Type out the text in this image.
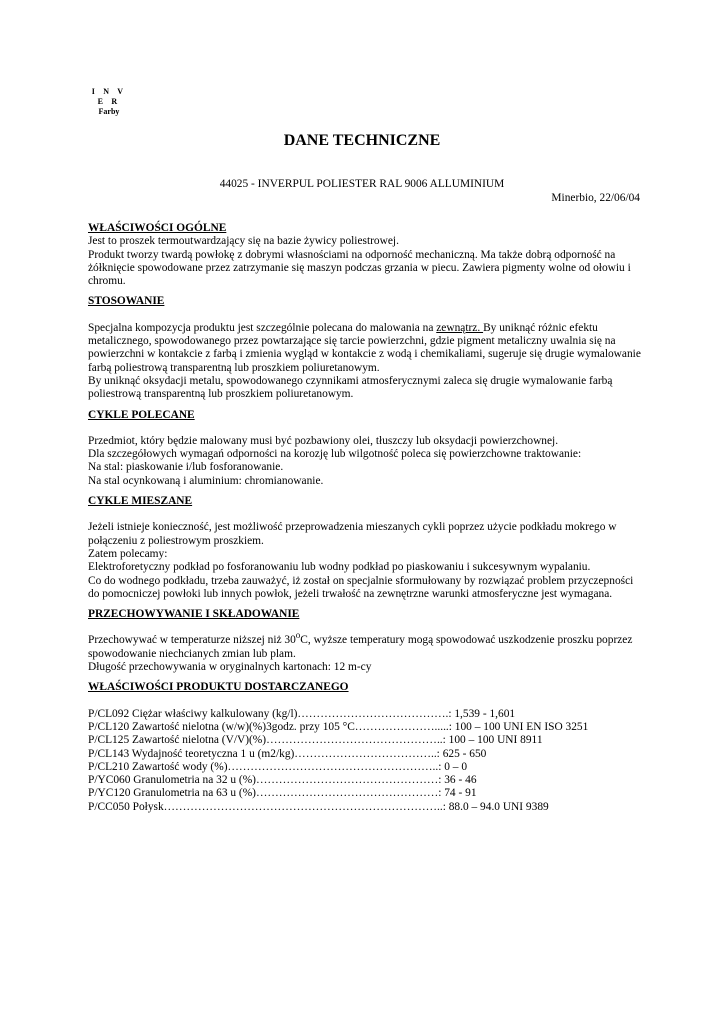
I N V E R
Farby
DANE TECHNICZNE
44025 - INVERPUL POLIESTER RAL 9006 ALLUMINIUM
Minerbio, 22/06/04

WŁAŚCIWOŚCI OGÓLNE

Jest to proszek termoutwardzający się na bazie żywicy poliestrowej.

Produkt tworzy twardą powłokę z dobrymi własnościami na odporność mechaniczną. Ma także dobrą odporność na żółknięcie spowodowane przez zatrzymanie się maszyn podczas grzania w piecu. Zawiera pigmenty wolne od ołowiu i chromu.

STOSOWANIE

Specjalna kompozycja produktu jest szczególnie polecana do malowania na zewnątrz. By uniknąć różnic efektu metalicznego, spowodowanego przez powtarzające się tarcie powierzchni, gdzie pigment metaliczny uwalnia się na powierzchni w kontakcie z farbą i zmienia wygląd w kontakcie z wodą i chemikaliami, sugeruje się drugie wymalowanie farbą poliestrową transparentną lub proszkiem poliuretanowym.

By uniknąć oksydacji metalu, spowodowanego czynnikami atmosferycznymi zaleca się drugie wymalowanie farbą poliestrową transparentną lub proszkiem poliuretanowym.

CYKLE POLECANE

Przedmiot, który będzie malowany musi być pozbawiony olei, tłuszczy lub oksydacji powierzchownej.

Dla szczegółowych wymagań odporności na korozję lub wilgotność poleca się powierzchowne traktowanie:

Na stal: piaskowanie i/lub fosforanowanie.

Na stal ocynkowaną i aluminium: chromianowanie.

CYKLE MIESZANE

Jeżeli istnieje konieczność, jest możliwość przeprowadzenia mieszanych cykli poprzez użycie podkładu mokrego w połączeniu z poliestrowym proszkiem.

Zatem polecamy:

Elektroforetyczny podkład po fosforanowaniu lub wodny podkład po piaskowaniu i sukcesywnym wypalaniu.

Co do wodnego podkładu, trzeba zauważyć, iż został on specjalnie sformułowany by rozwiązać problem przyczepności do pomocniczej powłoki lub innych powłok, jeżeli trwałość na zewnętrzne warunki atmosferyczne jest wymagana.

PRZECHOWYWANIE I SKŁADOWANIE

Przechowywać w temperaturze niższej niż 30$^o$C, wyższe temperatury mogą spowodować uszkodzenie proszku poprzez spowodowanie niechcianych zmian lub plam.

Długość przechowywania w oryginalnych kartonach: 12 m-cy

WŁAŚCIWOŚCI PRODUKTU DOSTARCZANEGO

P/CL092 Ciężar właściwy kalkulowany (kg/l)………………………………….: 1,539 - 1,601

P/CL120 Zawartość nielotna (w/w)(%)3godz. przy 105 °C………………….....: 100 – 100 UNI EN ISO 3251

P/CL125 Zawartość nielotna (V/V)(%)………………………………………..: 100 – 100 UNI 8911

P/CL143 Wydajność teoretyczna 1 u (m2/kg)………………………………..: 625 - 650

P/CL210 Zawartość wody (%)………………………………………………..: 0 – 0

P/YC060 Granulometria na 32 u (%)…………………………………………: 36 - 46

P/YC120 Granulometria na 63 u (%)…………………………………………: 74 - 91

P/CC050 Połysk………………………………………………………………..: 88.0 – 94.0 UNI 9389
